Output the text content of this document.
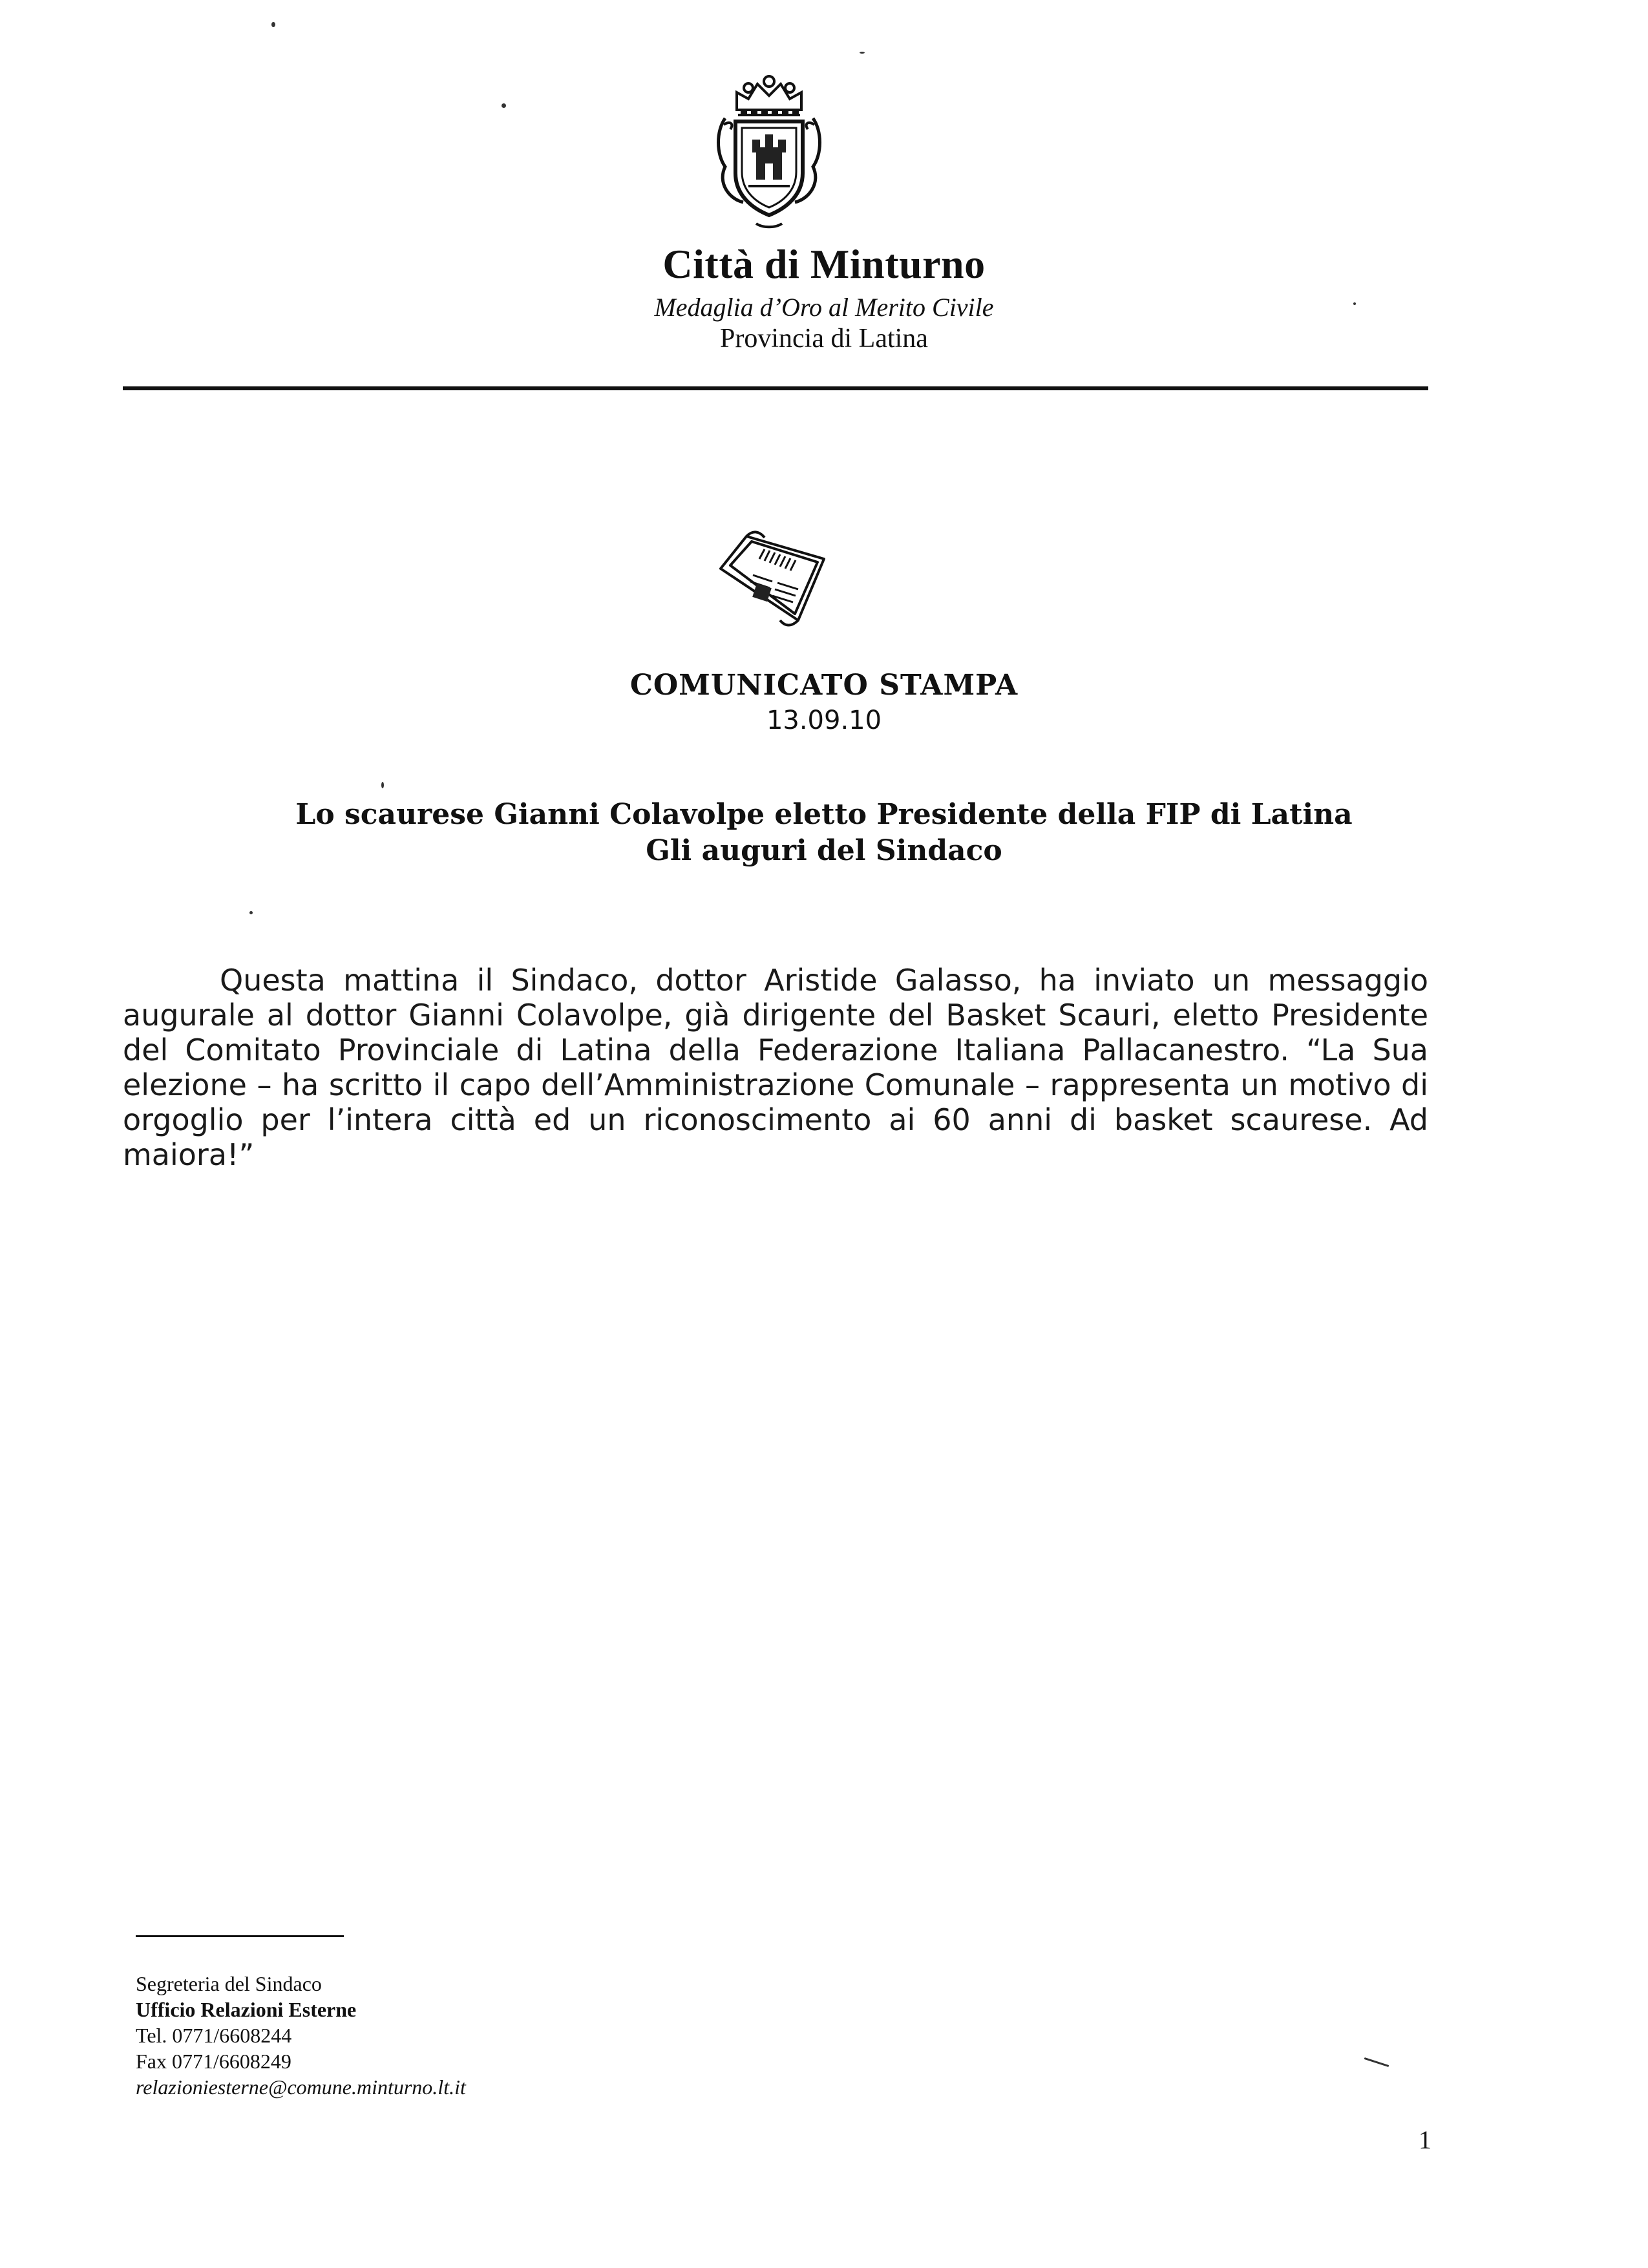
Città di Minturno
Medaglia d’Oro al Merito Civile
Provincia di Latina
COMUNICATO STAMPA
13.09.10
Lo scaurese Gianni Colavolpe eletto Presidente della FIP di Latina
Gli auguri del Sindaco
Questa mattina il Sindaco, dottor Aristide Galasso, ha inviato un messaggio augurale al dottor Gianni Colavolpe, già dirigente del Basket Scauri, eletto Presidente del Comitato Provinciale di Latina della Federazione Italiana Pallacanestro. “La Sua elezione – ha scritto il capo dell’Amministrazione Comunale – rappresenta un motivo di orgoglio per l’intera città ed un riconoscimento ai 60 anni di basket scaurese. Ad maiora!”
Segreteria del Sindaco
Ufficio Relazioni Esterne
Tel. 0771/6608244
Fax 0771/6608249
relazioniesterne@comune.minturno.lt.it
1
